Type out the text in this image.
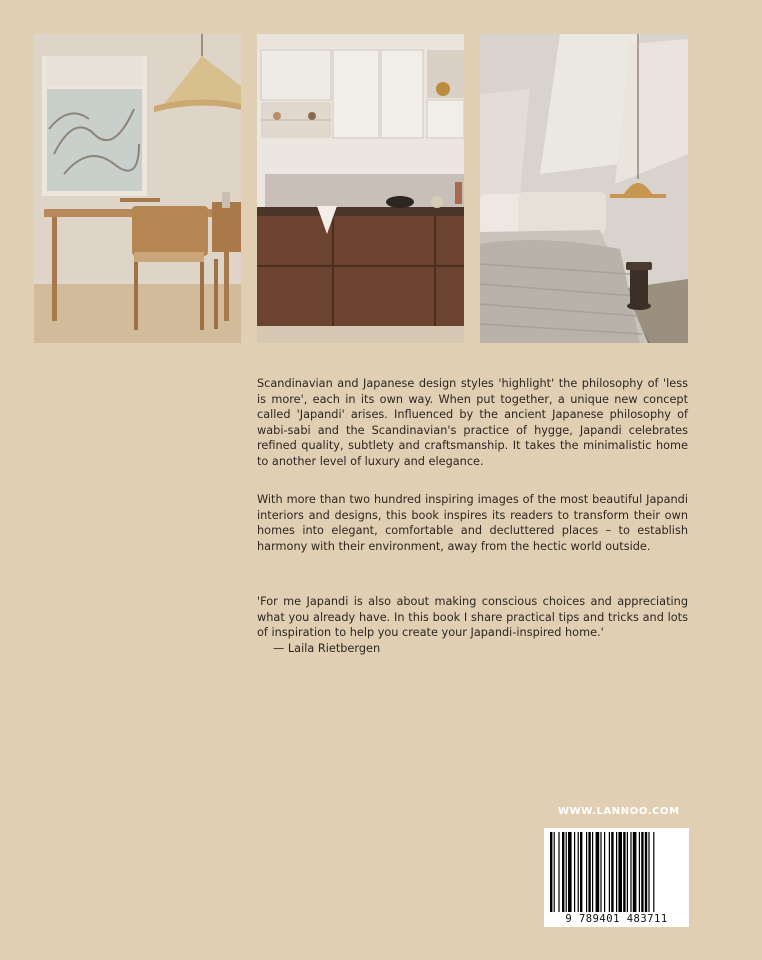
Scandinavian and Japanese design styles 'highlight' the philosophy of 'less is more', each in its own way. When put together, a unique new concept called 'Japandi' arises. Influenced by the ancient Japanese philosophy of wabi-sabi and the Scandinavian's practice of hygge, Japandi celebrates refined quality, subtlety and craftsmanship. It takes the minimalistic home to another level of luxury and elegance.

With more than two hundred inspiring images of the most beautiful Japandi interiors and designs, this book inspires its readers to transform their own homes into elegant, comfortable and decluttered places – to establish harmony with their environment, away from the hectic world outside.

'For me Japandi is also about making conscious choices and appreciating what you already have. In this book I share practical tips and tricks and lots of inspiration to help you create your Japandi-inspired home.'

— Laila Rietbergen
WWW.LANNOO.COM
9 789401 483711
